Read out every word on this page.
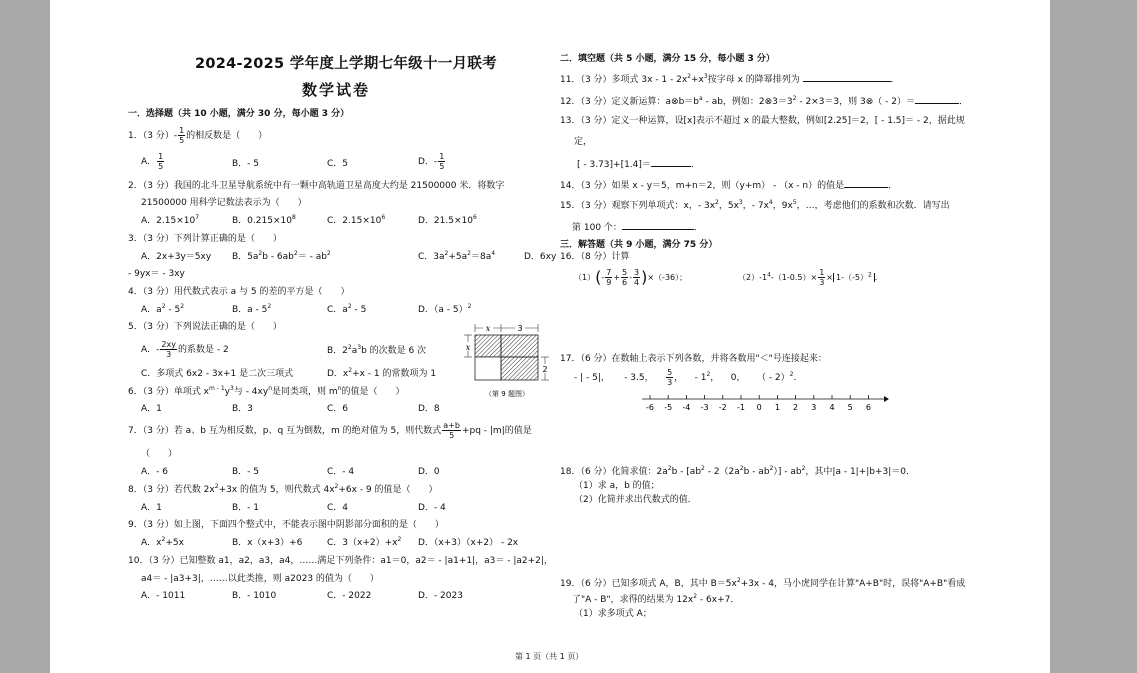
2024-2025 学年度上学期七年级十一月联考
数学试卷
一．选择题（共 10 小题，满分 30 分，每小题 3 分）
1．（3 分）- $\frac{1}{5}$ 的相反数是（　　）
A． $\frac{1}{5}$	B．- 5	C．5	D．- $\frac{1}{5}$
2．（3 分）我国的北斗卫星导航系统中有一颗中高轨道卫星高度大约是 21500000 米．将数字
21500000 用科学记数法表示为（　　）
A．$2.15\times 10^7$	B．$0.215\times 10^8$	C．$2.15\times 10^6$	D．$21.5\times 10^6$
3．（3 分）下列计算正确的是（　　）
A．2x+3y＝5xy B．$5a^2b - 6ab^2= - ab^2$	C．$3a^2+5a^2=8a^4$	D．6xy
- 9yx＝ - 3xy
4．（3 分）用代数式表示 a 与 5 的差的平方是（　　）
A．$a^2 - 5^2$	B．a - $5^2$	C．$a^2 - 5$	D．（a - 5）$^2$
5．（3 分）下列说法正确的是（　　）
A．- $\frac{2xy}{3}$ 的系数是 - 2	B．$2^2a^3b$ 的次数是 6 次
C．多项式 6x2 - 3x+1 是二次三项式	D．$x^2+x - 1$ 的常数项为 1
x	3
x
2
（第 9 题图）
6．（3 分）单项式 $x^{m - 1}y^3$与 - $4xy^n$是同类项，则 $m^n$的值是（　　）
A．1	B．3	C．6	D．8
7．（3 分）若 a、b 互为相反数，p、q 互为倒数，m 的绝对值为 5，则代数式 $\frac{a+b}{5} +pq - |m|$的值是
（　　）
A．- 6	B．- 5	C．- 4	D．0
8．（3 分）若代数 $2x^2+3x$ 的值为 5，则代数式 $4x^2+6x - 9$ 的值是（　　）
A．1	B．- 1	C．4	D．- 4
9．（3 分）如上图，下面四个整式中，不能表示图中阴影部分面积的是（　　）
A．$x^2+5x$	B．x（x+3）+6	C．$3(x+2)+x^2$ D．（x+3）（x+2） - 2x
10．（3 分）已知整数 a1，a2，a3，a4，……满足下列条件：a1＝0，a2＝ - |a1+1|，a3＝ - |a2+2|，
a4＝ - |a3+3|，……以此类推，则 a2023 的值为（　　）
A．- 1011	B．- 1010	C．- 2022	D．- 2023
二．填空题（共 5 小题，满分 15 分，每小题 3 分）
11．（3 分）多项式 $3x - 1 - 2x^2+x^3$按字母 x 的降幂排列为	．
12．（3 分）定义新运算：$a\otimes b=b^a$ - ab，例如：$2\otimes 3=3^2 - 2\times 3=3$，则 3⊗（ - 2）＝	．
13．（3 分）定义一种运算，设[x]表示不超过 x 的最大整数，例如[2.25]＝2，[ - 1.5]＝ - 2，据此规
定，
[ - 3.73]+[1.4]＝	．
14．（3 分）如果 x - y＝5，m+n＝2，则（y+m） - （x - n）的值是	．
15．（3 分）观察下列单项式：x，- $3x^2$，$5x^3$，- $7x^4$，$9x^5$，…，考虑他们的系数和次数．请写出
第 100 个：	．
三．解答题（共 9 小题，满分 75 分）
16．（8 分）计算
$(1)(- \frac{7}{9} + \frac{5}{6} - \frac{3}{4} )\times(-36)$；	$(2)-1^4-(1-0.5)\times \frac{1}{3} \times 1-(-5)^2$ .
17．（6 分）在数轴上表示下列各数，并将各数用"＜"号连接起来：
- | - 5|， - 3.5， $\frac{5}{3}$ ， - $1^2$， 0， （ - 2）$^2$．
-6 -5 -4 -3 -2 -1 0 1 2 3 4 5 6
18．（6 分）化简求值：$2a^2b - [ab^2 - 2(2a^2b - ab^2)] - ab^2$，其中|a - 1|+|b+3|＝0．
（1）求 a，b 的值；
（2）化简并求出代数式的值．
19．（6 分）已知多项式 A，B，其中 $B=5x^2+3x - 4$，马小虎同学在计算"A+B"时，误将"A+B"看成
了"A - B"，求得的结果为 $12x^2 - 6x+7$．
（1）求多项式 A；
第 1 页（共 1 页）
